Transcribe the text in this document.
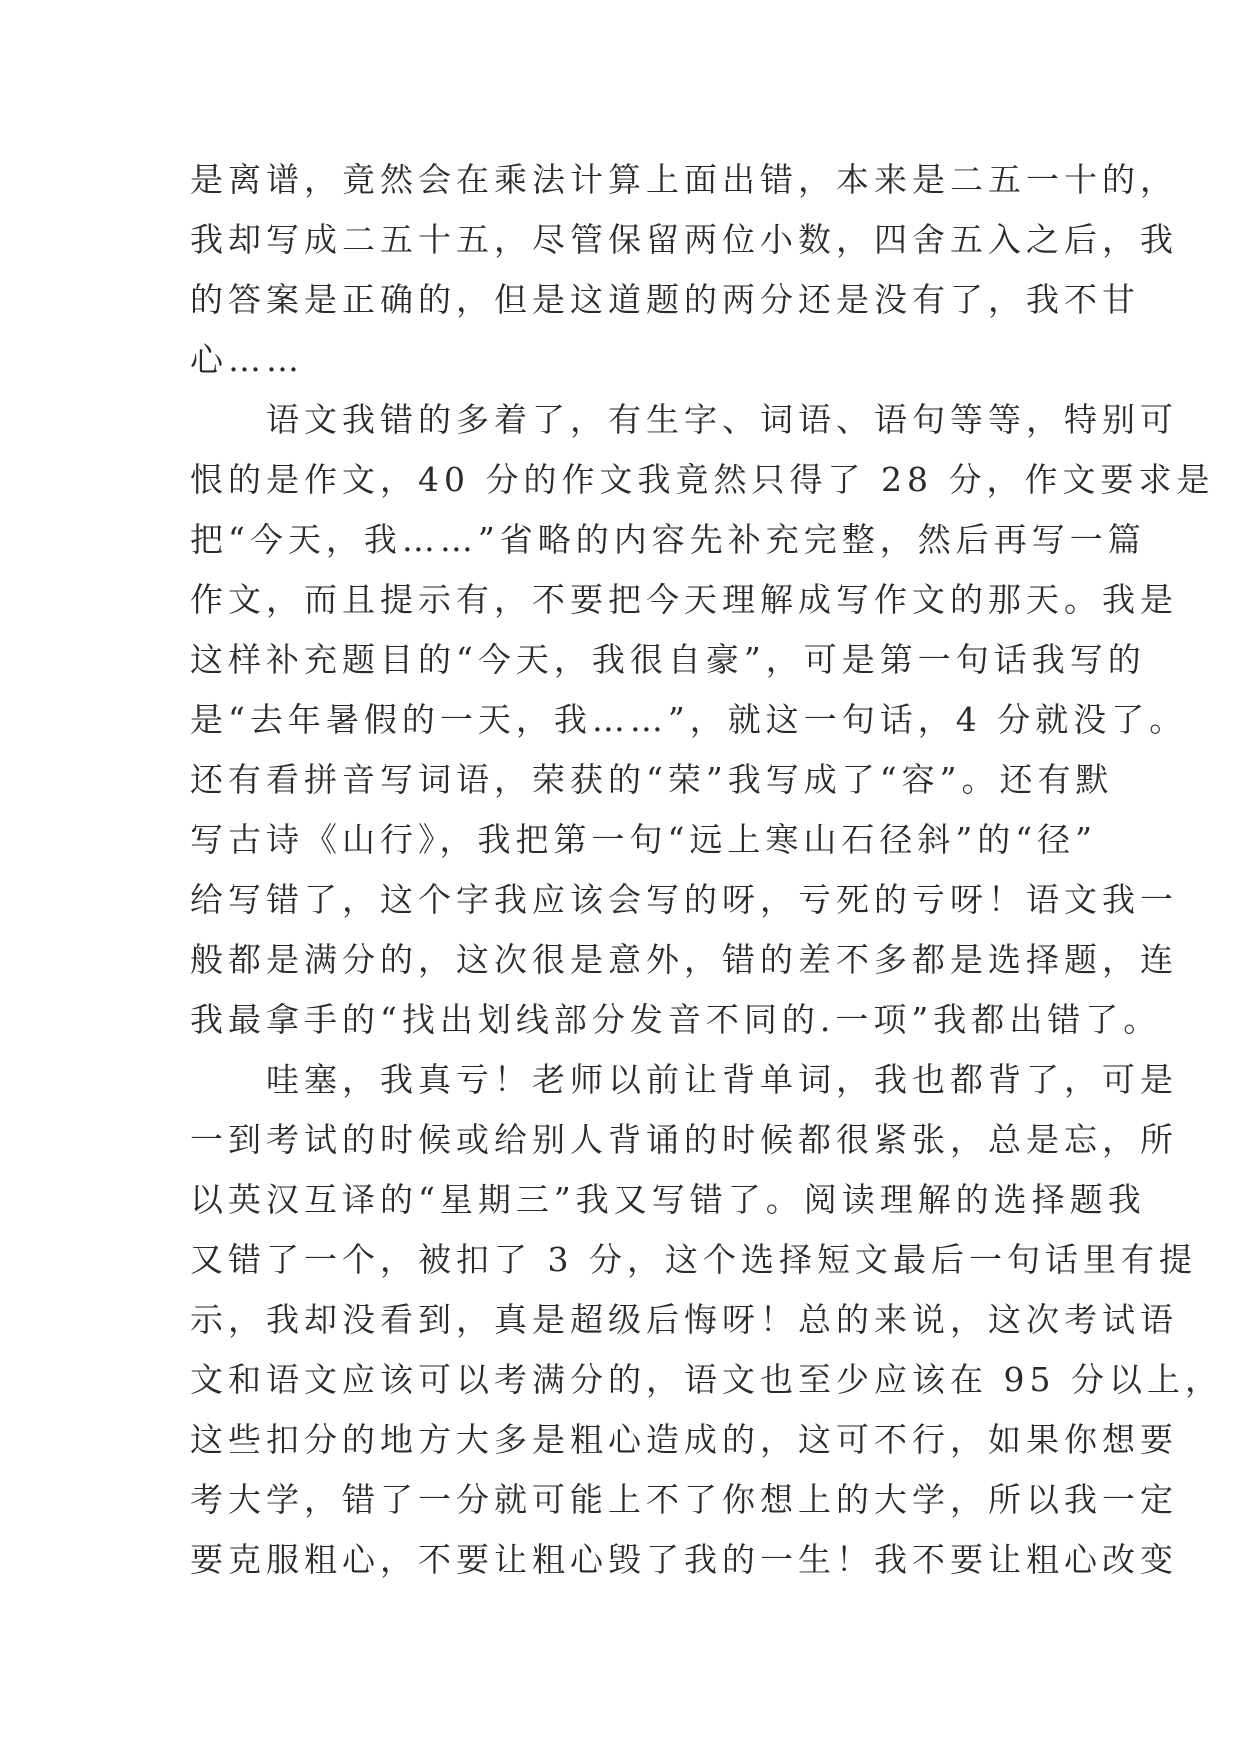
是离谱，竟然会在乘法计算上面出错，本来是二五一十的，

我却写成二五十五，尽管保留两位小数，四舍五入之后，我

的答案是正确的，但是这道题的两分还是没有了，我不甘

心……

　　语文我错的多着了，有生字、词语、语句等等，特别可

恨的是作文，40 分的作文我竟然只得了 28 分，作文要求是

把“今天，我……”省略的内容先补充完整，然后再写一篇

作文，而且提示有，不要把今天理解成写作文的那天。我是

这样补充题目的“今天，我很自豪”，可是第一句话我写的

是“去年暑假的一天，我……”，就这一句话，4 分就没了。

还有看拼音写词语，荣获的“荣”我写成了“容”。还有默

写古诗《山行》，我把第一句“远上寒山石径斜”的“径”

给写错了，这个字我应该会写的呀，亏死的亏呀！语文我一

般都是满分的，这次很是意外，错的差不多都是选择题，连

我最拿手的“找出划线部分发音不同的.一项”我都出错了。

　　哇塞，我真亏！老师以前让背单词，我也都背了，可是

一到考试的时候或给别人背诵的时候都很紧张，总是忘，所

以英汉互译的“星期三”我又写错了。阅读理解的选择题我

又错了一个，被扣了 3 分，这个选择短文最后一句话里有提

示，我却没看到，真是超级后悔呀！总的来说，这次考试语

文和语文应该可以考满分的，语文也至少应该在 95 分以上，

这些扣分的地方大多是粗心造成的，这可不行，如果你想要

考大学，错了一分就可能上不了你想上的大学，所以我一定

要克服粗心，不要让粗心毁了我的一生！我不要让粗心改变
